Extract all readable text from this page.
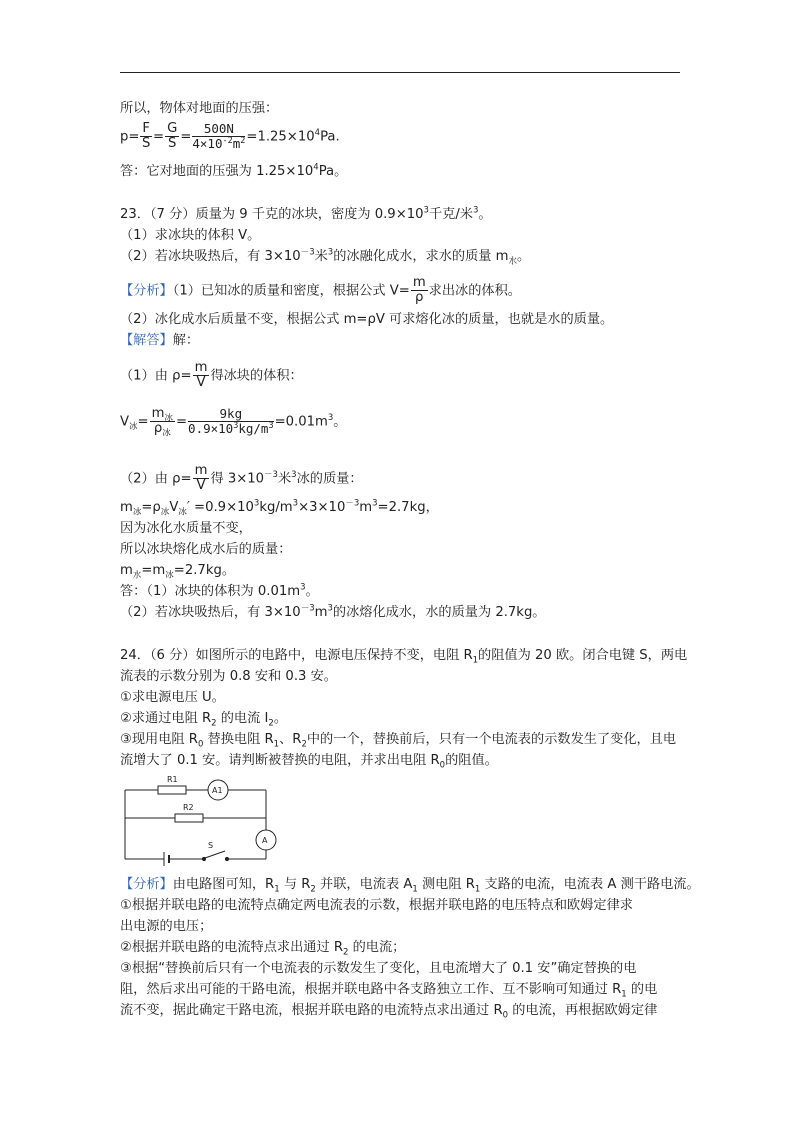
所以，物体对地面的压强：
$p= \frac{F}{S} = \frac{G}{S} = \frac{500N}{4\times 10^{-2}m^2} =1.25\times 10^4Pa$.
答：它对地面的压强为 $1.25\times 10^4Pa$。
23．（7 分）质量为 9 千克的冰块，密度为 $0.9\times 10^3$千克/米$^3$。
（1）求冰块的体积 V。
（2）若冰块吸热后，有 $3\times 10^{-3}$米$^3$的冰融化成水，求水的质量 $m_水$。
【分析】（1）已知冰的质量和密度，根据公式 $V= \frac{m}{\rho}$ 求出冰的体积。
（2）冰化成水后质量不变，根据公式 m=ρV 可求熔化冰的质量，也就是水的质量。
【解答】解：
（1）由 $\rho= \frac{m}{V}$ 得冰块的体积：
$V_冰= \frac{m_冰}{\rho_冰} = \frac{9kg}{0.9\times 10^3kg/m^3} =0.01m^3$。
（2）由 $\rho= \frac{m}{V}$ 得 $3\times 10^{-3}$米$^3$冰的质量：
$m_冰=\rho_冰V_冰' =0.9\times 10^3kg/m^3\times 3\times 10^{-3}m^3=2.7kg$，
因为冰化水质量不变，
所以冰块熔化成水后的质量：
$m_水=m_冰=2.7kg$。
答：（1）冰块的体积为 $0.01m^3$。
（2）若冰块吸热后，有 $3\times 10^{-3}m^3$的冰熔化成水，水的质量为 2.7kg。
24．（6 分）如图所示的电路中，电源电压保持不变，电阻 $R_1$的阻值为 20 欧。闭合电键 S，两电
流表的示数分别为 0.8 安和 0.3 安。
①求电源电压 U。
②求通过电阻 $R_2$ 的电流 $I_2$。
③现用电阻 $R_0$ 替换电阻 $R_1$、$R_2$中的一个，替换前后，只有一个电流表的示数发生了变化，且电
流增大了 0.1 安。请判断被替换的电阻，并求出电阻 $R_0$的阻值。
R1
R2
A1
A
S
【分析】由电路图可知，$R_1$ 与 $R_2$ 并联，电流表 $A_1$ 测电阻 $R_1$ 支路的电流，电流表 A 测干路电流。
①根据并联电路的电流特点确定两电流表的示数，根据并联电路的电压特点和欧姆定律求
出电源的电压；
②根据并联电路的电流特点求出通过 $R_2$ 的电流；
③根据“替换前后只有一个电流表的示数发生了变化，且电流增大了 0.1 安”确定替换的电
阻，然后求出可能的干路电流，根据并联电路中各支路独立工作、互不影响可知通过 $R_1$ 的电
流不变，据此确定干路电流，根据并联电路的电流特点求出通过 $R_0$ 的电流，再根据欧姆定律
